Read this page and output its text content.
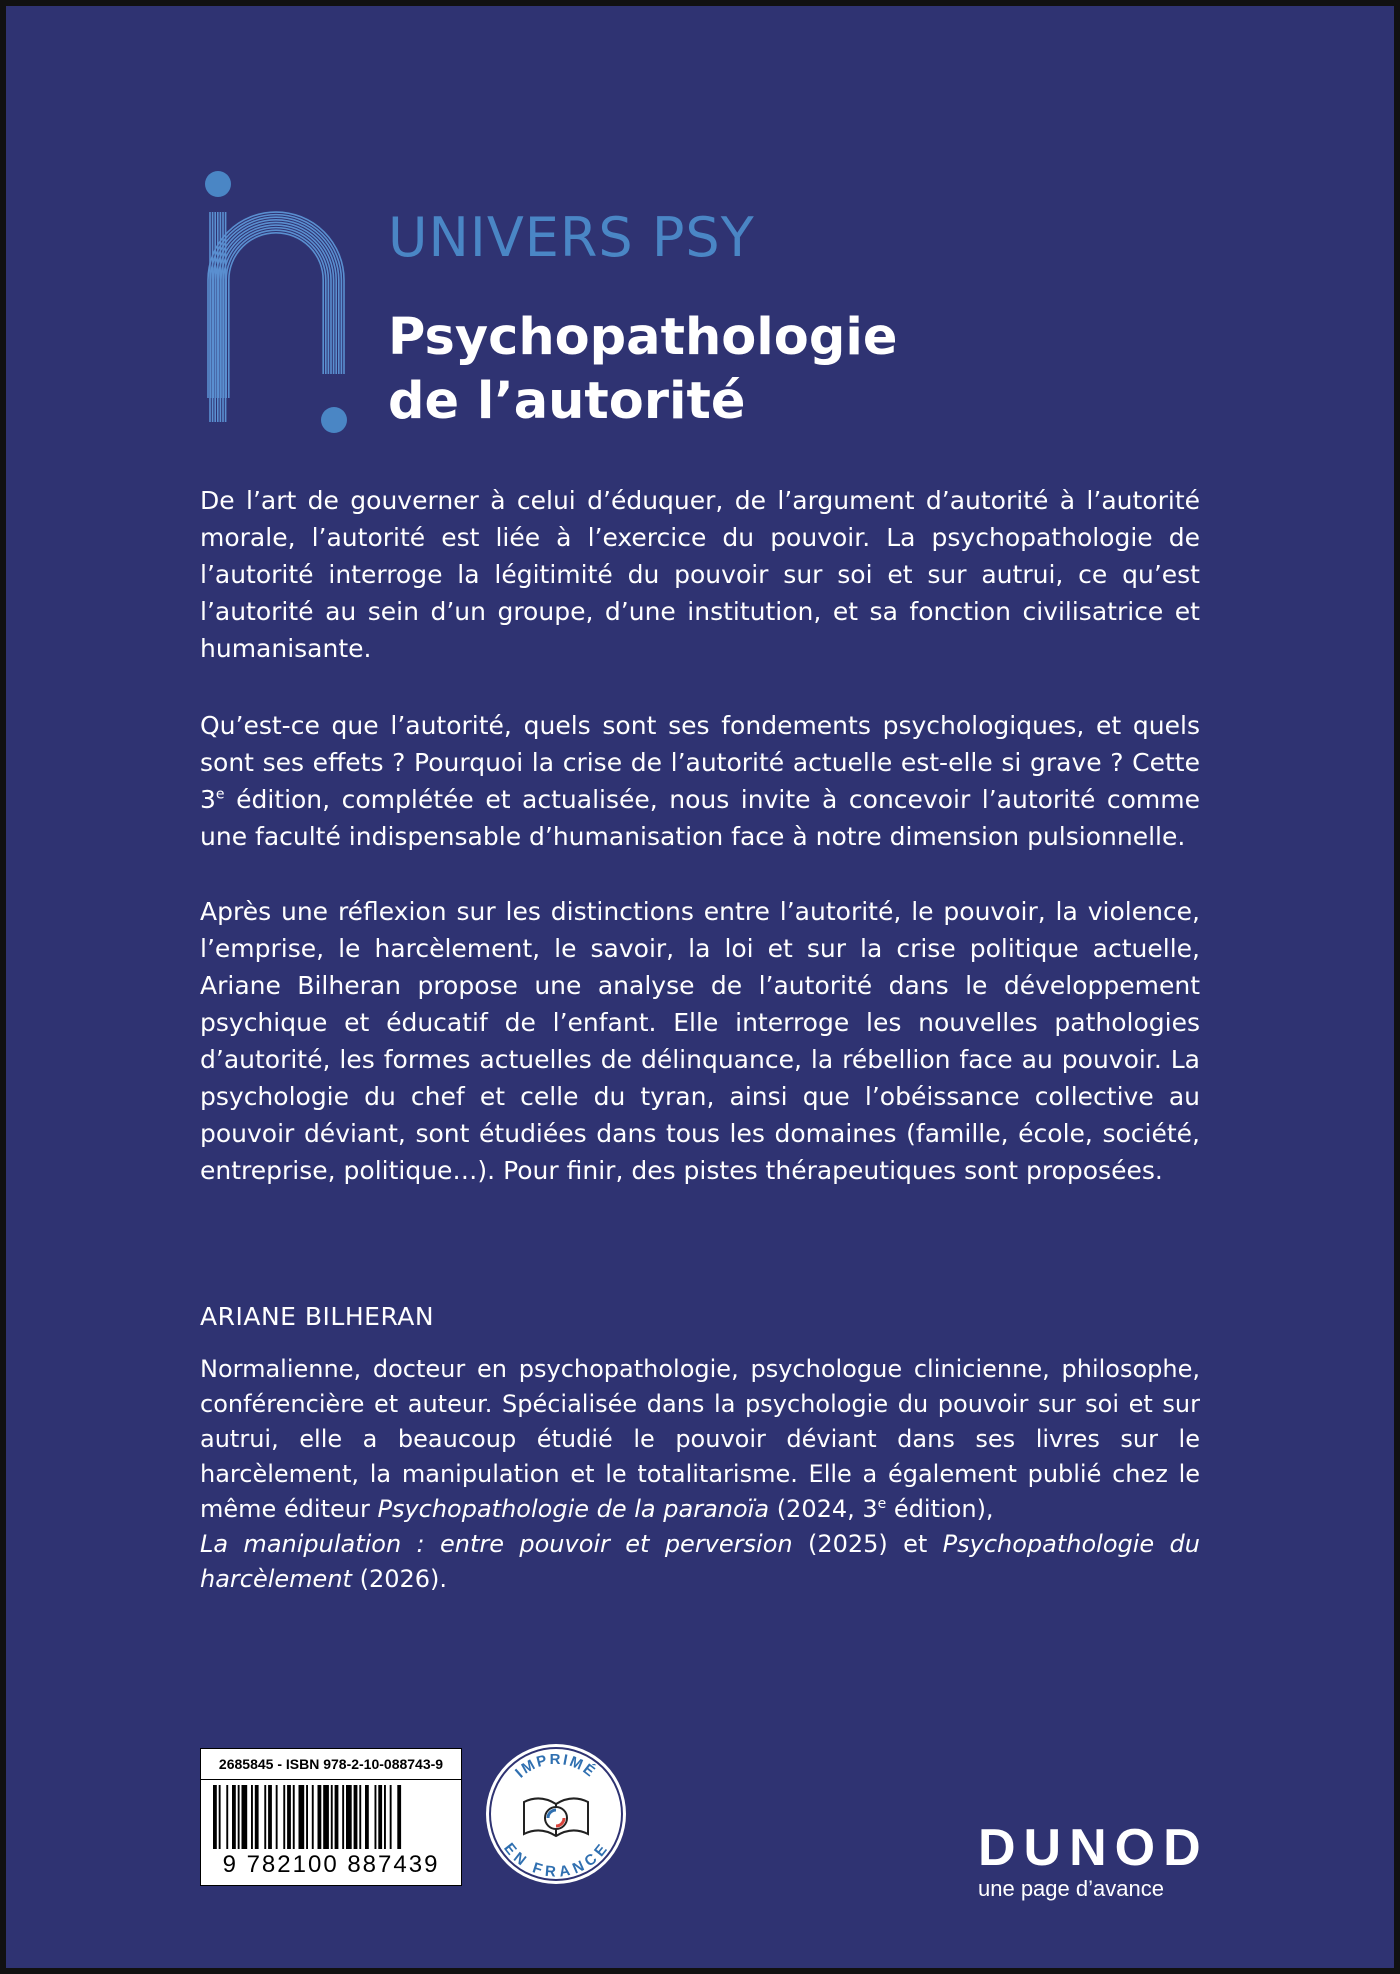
UNIVERS PSY
Psychopathologie
de l’autorité
De l’art de gouverner à celui d’éduquer, de l’argument d’autorité à l’autorité morale, l’autorité est liée à l’exercice du pouvoir. La psychopathologie de l’autorité interroge la légitimité du pouvoir sur soi et sur autrui, ce qu’est l’autorité au sein d’un groupe, d’une institution, et sa fonction civilisatrice et humanisante.
Qu’est-ce que l’autorité, quels sont ses fondements psychologiques, et quels sont ses effets ? Pourquoi la crise de l’autorité actuelle est-elle si grave ? Cette 3e édition, complétée et actualisée, nous invite à concevoir l’autorité comme une faculté indispensable d’humanisation face à notre dimension pulsionnelle.
Après une réflexion sur les distinctions entre l’autorité, le pouvoir, la violence, l’emprise, le harcèlement, le savoir, la loi et sur la crise politique actuelle, Ariane Bilheran propose une analyse de l’autorité dans le développement psychique et éducatif de l’enfant. Elle interroge les nouvelles pathologies d’autorité, les formes actuelles de délinquance, la rébellion face au pouvoir. La psychologie du chef et celle du tyran, ainsi que l’obéissance collective au pouvoir déviant, sont étudiées dans tous les domaines (famille, école, société, entreprise, politique…). Pour finir, des pistes thérapeutiques sont proposées.
ARIANE BILHERAN
Normalienne, docteur en psychopathologie, psychologue clinicienne, philosophe, conférencière et auteur. Spécialisée dans la psychologie du pouvoir sur soi et sur autrui, elle a beaucoup étudié le pouvoir déviant dans ses livres sur le harcèlement, la manipulation et le totalitarisme. Elle a également publié chez le même éditeur Psychopathologie de la paranoïa (2024, 3e édition),
La manipulation : entre pouvoir et perversion (2025) et Psychopathologie du harcèlement (2026).
2685845 - ISBN 978-2-10-088743-9
9 782100 887439
IMPRIMÉ
EN FRANCE	DUNOD
une page d’avance
